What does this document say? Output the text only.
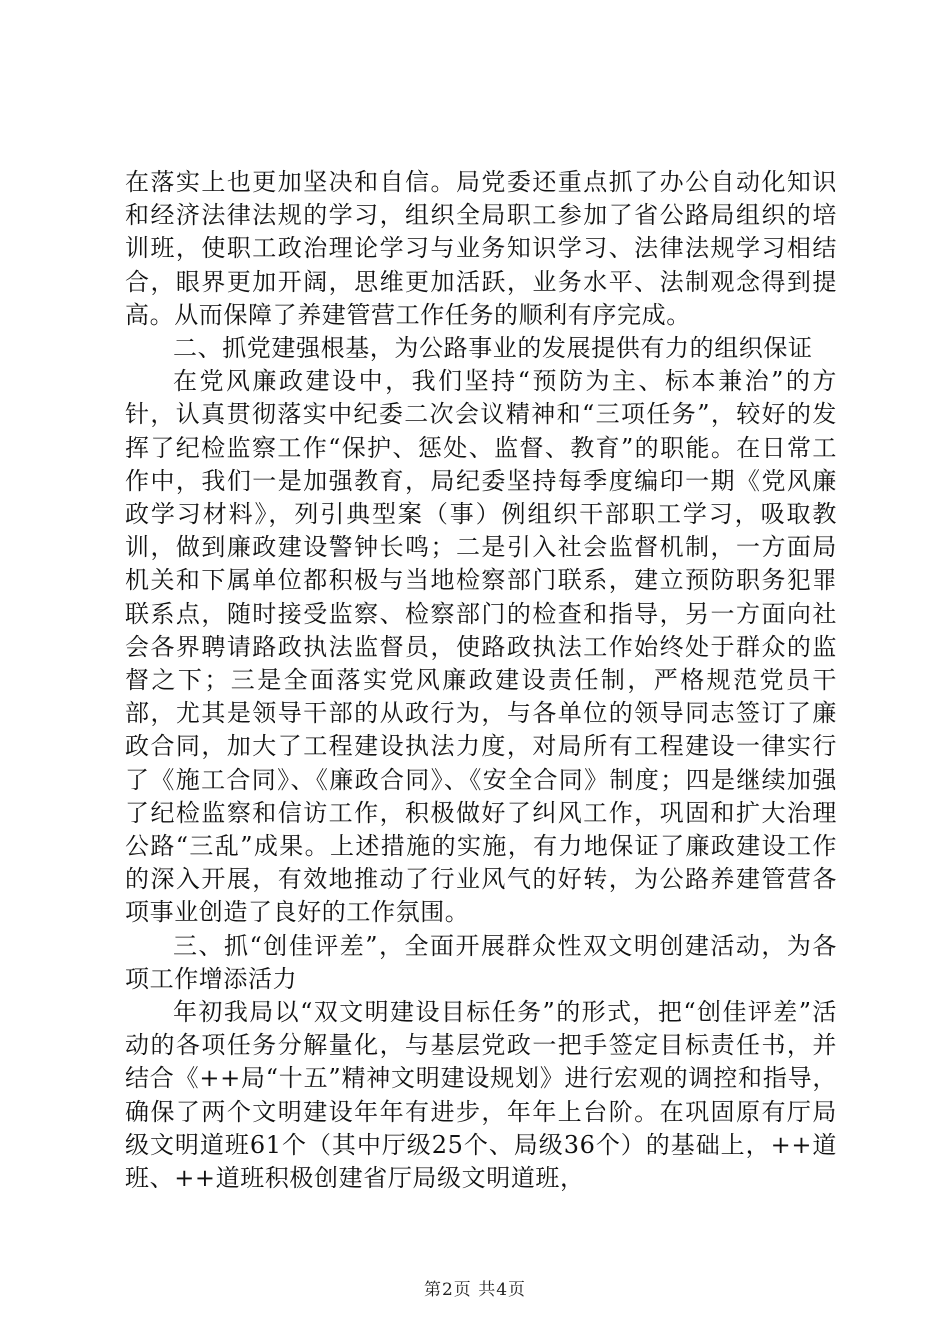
在落实上也更加坚决和自信。局党委还重点抓了办公自动化知识和经济法律法规的学习，组织全局职工参加了省公路局组织的培训班，使职工政治理论学习与业务知识学习、法律法规学习相结合，眼界更加开阔，思维更加活跃，业务水平、法制观念得到提高。从而保障了养建管营工作任务的顺利有序完成。

二、抓党建强根基，为公路事业的发展提供有力的组织保证

在党风廉政建设中，我们坚持“预防为主、标本兼治”的方针，认真贯彻落实中纪委二次会议精神和“三项任务”，较好的发挥了纪检监察工作“保护、惩处、监督、教育”的职能。在日常工作中，我们一是加强教育，局纪委坚持每季度编印一期《党风廉政学习材料》，列引典型案（事）例组织干部职工学习，吸取教训，做到廉政建设警钟长鸣；二是引入社会监督机制，一方面局机关和下属单位都积极与当地检察部门联系，建立预防职务犯罪联系点，随时接受监察、检察部门的检查和指导，另一方面向社会各界聘请路政执法监督员，使路政执法工作始终处于群众的监督之下；三是全面落实党风廉政建设责任制，严格规范党员干部，尤其是领导干部的从政行为，与各单位的领导同志签订了廉政合同，加大了工程建设执法力度，对局所有工程建设一律实行了《施工合同》、《廉政合同》、《安全合同》制度；四是继续加强了纪检监察和信访工作，积极做好了纠风工作，巩固和扩大治理公路“三乱”成果。上述措施的实施，有力地保证了廉政建设工作的深入开展，有效地推动了行业风气的好转，为公路养建管营各项事业创造了良好的工作氛围。

三、抓“创佳评差”，全面开展群众性双文明创建活动，为各项工作增添活力

年初我局以“双文明建设目标任务”的形式，把“创佳评差”活动的各项任务分解量化，与基层党政一把手签定目标责任书，并结合《++局“十五”精神文明建设规划》进行宏观的调控和指导，确保了两个文明建设年年有进步，年年上台阶。在巩固原有厅局级文明道班61个（其中厅级25个、局级36个）的基础上，++道班、++道班积极创建省厅局级文明道班，

第2页 共4页
